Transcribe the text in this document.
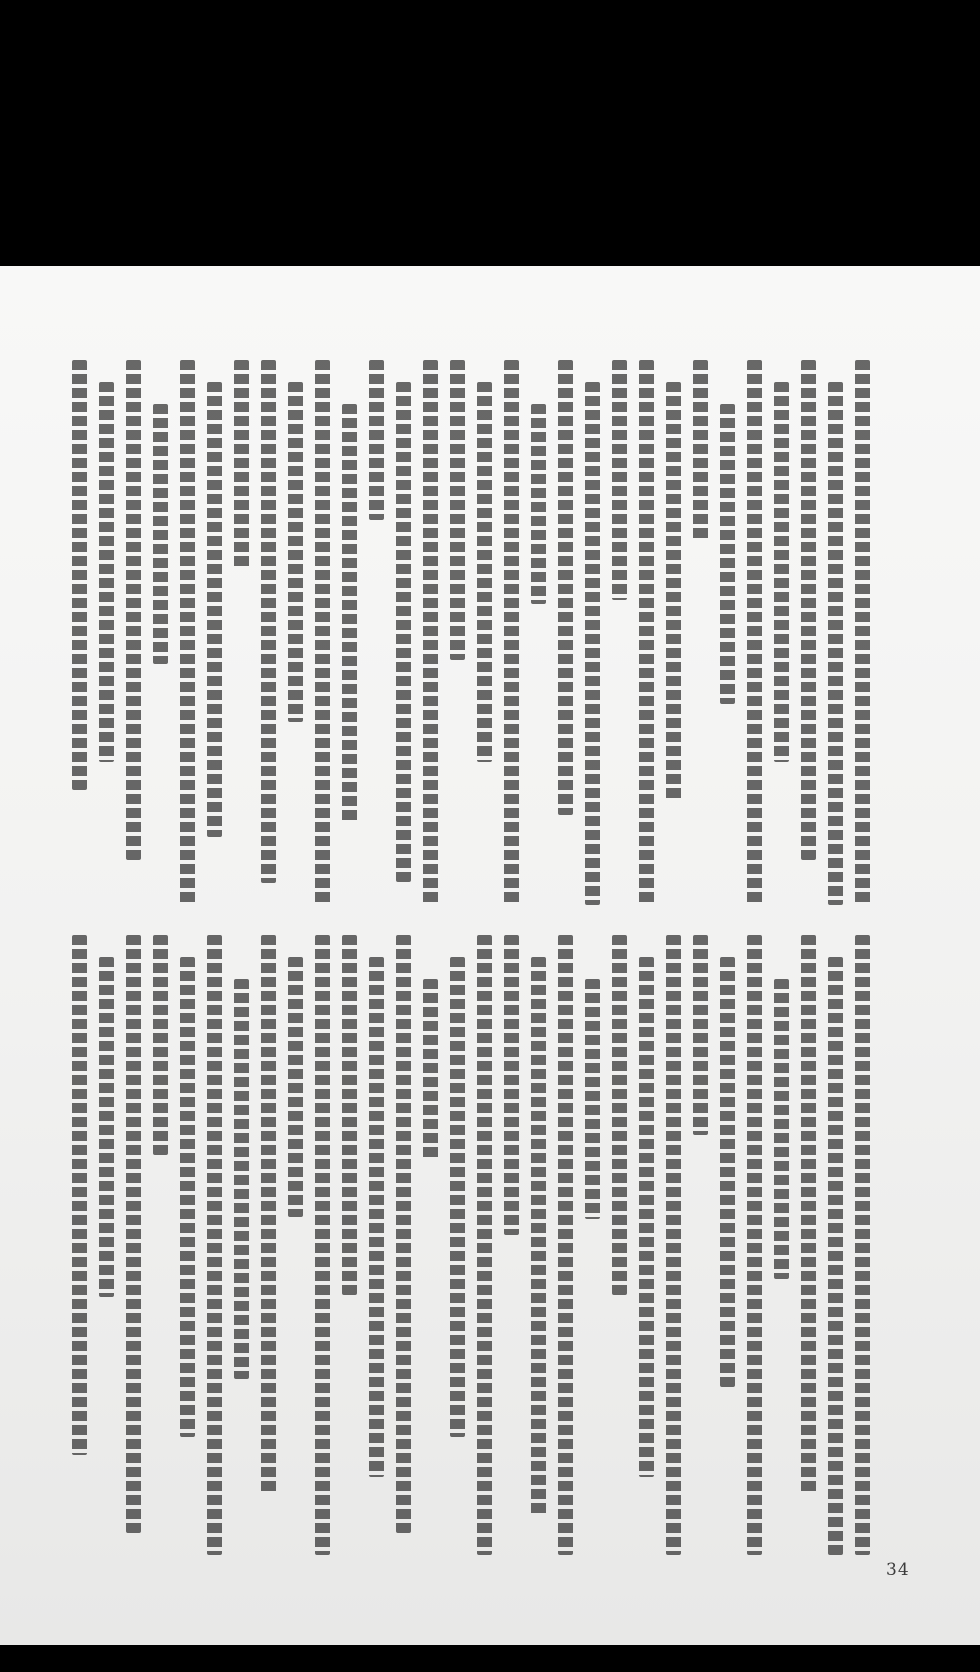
34
